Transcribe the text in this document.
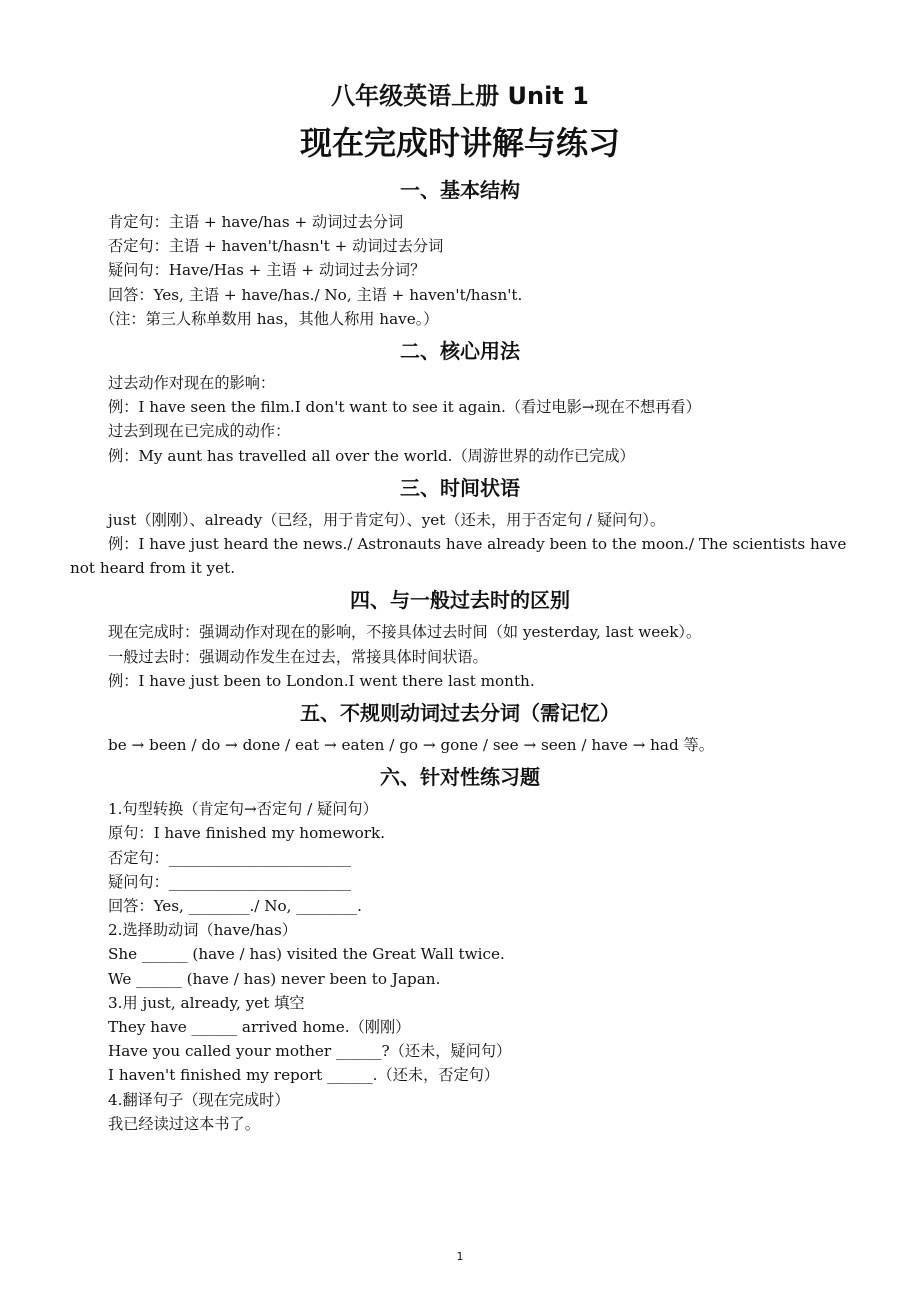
八年级英语上册 Unit 1
现在完成时讲解与练习
一、基本结构
肯定句：主语 + have/has + 动词过去分词
否定句：主语 + haven't/hasn't + 动词过去分词
疑问句：Have/Has + 主语 + 动词过去分词？
回答：Yes, 主语 + have/has./ No, 主语 + haven't/hasn't.
（注：第三人称单数用 has，其他人称用 have。）
二、核心用法
过去动作对现在的影响：
例：I have seen the film.I don't want to see it again.（看过电影→现在不想再看）
过去到现在已完成的动作：
例：My aunt has travelled all over the world.（周游世界的动作已完成）
三、时间状语
just（刚刚）、already（已经，用于肯定句）、yet（还未，用于否定句 / 疑问句）。
例：I have just heard the news./ Astronauts have already been to the moon./ The scientists have not heard from it yet.
四、与一般过去时的区别
现在完成时：强调动作对现在的影响，不接具体过去时间（如 yesterday, last week）。
一般过去时：强调动作发生在过去，常接具体时间状语。
例：I have just been to London.I went there last month.
五、不规则动词过去分词（需记忆）
be → been / do → done / eat → eaten / go → gone / see → seen / have → had 等。
六、针对性练习题
1.句型转换（肯定句→否定句 / 疑问句）
原句：I have finished my homework.
否定句：________________________
疑问句：________________________
回答：Yes, ________./ No, ________.
2.选择助动词（have/has）
She ______ (have / has) visited the Great Wall twice.
We ______ (have / has) never been to Japan.
3.用 just, already, yet 填空
They have ______ arrived home.（刚刚）
Have you called your mother ______?（还未，疑问句）
I haven't finished my report ______.（还未，否定句）
4.翻译句子（现在完成时）
我已经读过这本书了。
1
